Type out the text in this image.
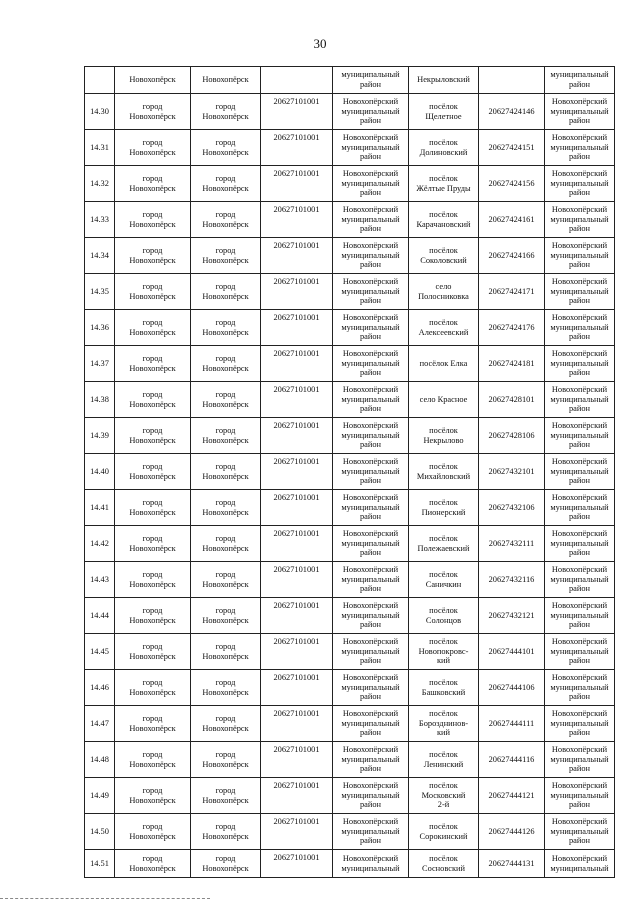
30
	Новохопёрск	Новохопёрск		муниципальный
район	Некрыловский		муниципальный
район
14.30	город
Новохопёрск	город
Новохопёрск	20627101001	Новохопёрский
муниципальный
район	посёлок
Щелетное	20627424146	Новохопёрский
муниципальный
район
14.31	город
Новохопёрск	город
Новохопёрск	20627101001	Новохопёрский
муниципальный
район	посёлок
Долиновский	20627424151	Новохопёрский
муниципальный
район
14.32	город
Новохопёрск	город
Новохопёрск	20627101001	Новохопёрский
муниципальный
район	посёлок
Жёлтые Пруды	20627424156	Новохопёрский
муниципальный
район
14.33	город
Новохопёрск	город
Новохопёрск	20627101001	Новохопёрский
муниципальный
район	посёлок
Карачановский	20627424161	Новохопёрский
муниципальный
район
14.34	город
Новохопёрск	город
Новохопёрск	20627101001	Новохопёрский
муниципальный
район	посёлок
Соколовский	20627424166	Новохопёрский
муниципальный
район
14.35	город
Новохопёрск	город
Новохопёрск	20627101001	Новохопёрский
муниципальный
район	село
Полосниковка	20627424171	Новохопёрский
муниципальный
район
14.36	город
Новохопёрск	город
Новохопёрск	20627101001	Новохопёрский
муниципальный
район	посёлок
Алексеевский	20627424176	Новохопёрский
муниципальный
район
14.37	город
Новохопёрск	город
Новохопёрск	20627101001	Новохопёрский
муниципальный
район	посёлок Елка	20627424181	Новохопёрский
муниципальный
район
14.38	город
Новохопёрск	город
Новохопёрск	20627101001	Новохопёрский
муниципальный
район	село Красное	20627428101	Новохопёрский
муниципальный
район
14.39	город
Новохопёрск	город
Новохопёрск	20627101001	Новохопёрский
муниципальный
район	посёлок
Некрылово	20627428106	Новохопёрский
муниципальный
район
14.40	город
Новохопёрск	город
Новохопёрск	20627101001	Новохопёрский
муниципальный
район	посёлок
Михайловский	20627432101	Новохопёрский
муниципальный
район
14.41	город
Новохопёрск	город
Новохопёрск	20627101001	Новохопёрский
муниципальный
район	посёлок
Пионерский	20627432106	Новохопёрский
муниципальный
район
14.42	город
Новохопёрск	город
Новохопёрск	20627101001	Новохопёрский
муниципальный
район	посёлок
Полежаевский	20627432111	Новохопёрский
муниципальный
район
14.43	город
Новохопёрск	город
Новохопёрск	20627101001	Новохопёрский
муниципальный
район	посёлок
Саничкин	20627432116	Новохопёрский
муниципальный
район
14.44	город
Новохопёрск	город
Новохопёрск	20627101001	Новохопёрский
муниципальный
район	посёлок
Солонцов	20627432121	Новохопёрский
муниципальный
район
14.45	город
Новохопёрск	город
Новохопёрск	20627101001	Новохопёрский
муниципальный
район	посёлок
Новопокровс-
кий	20627444101	Новохопёрский
муниципальный
район
14.46	город
Новохопёрск	город
Новохопёрск	20627101001	Новохопёрский
муниципальный
район	посёлок
Башковский	20627444106	Новохопёрский
муниципальный
район
14.47	город
Новохопёрск	город
Новохопёрск	20627101001	Новохопёрский
муниципальный
район	посёлок
Борозднинов-
кий	20627444111	Новохопёрский
муниципальный
район
14.48	город
Новохопёрск	город
Новохопёрск	20627101001	Новохопёрский
муниципальный
район	посёлок
Ленинский	20627444116	Новохопёрский
муниципальный
район
14.49	город
Новохопёрск	город
Новохопёрск	20627101001	Новохопёрский
муниципальный
район	посёлок
Московский
2-й	20627444121	Новохопёрский
муниципальный
район
14.50	город
Новохопёрск	город
Новохопёрск	20627101001	Новохопёрский
муниципальный
район	посёлок
Сорокинский	20627444126	Новохопёрский
муниципальный
район
14.51	город
Новохопёрск	город
Новохопёрск	20627101001	Новохопёрский
муниципальный	посёлок
Сосновский	20627444131	Новохопёрский
муниципальный
